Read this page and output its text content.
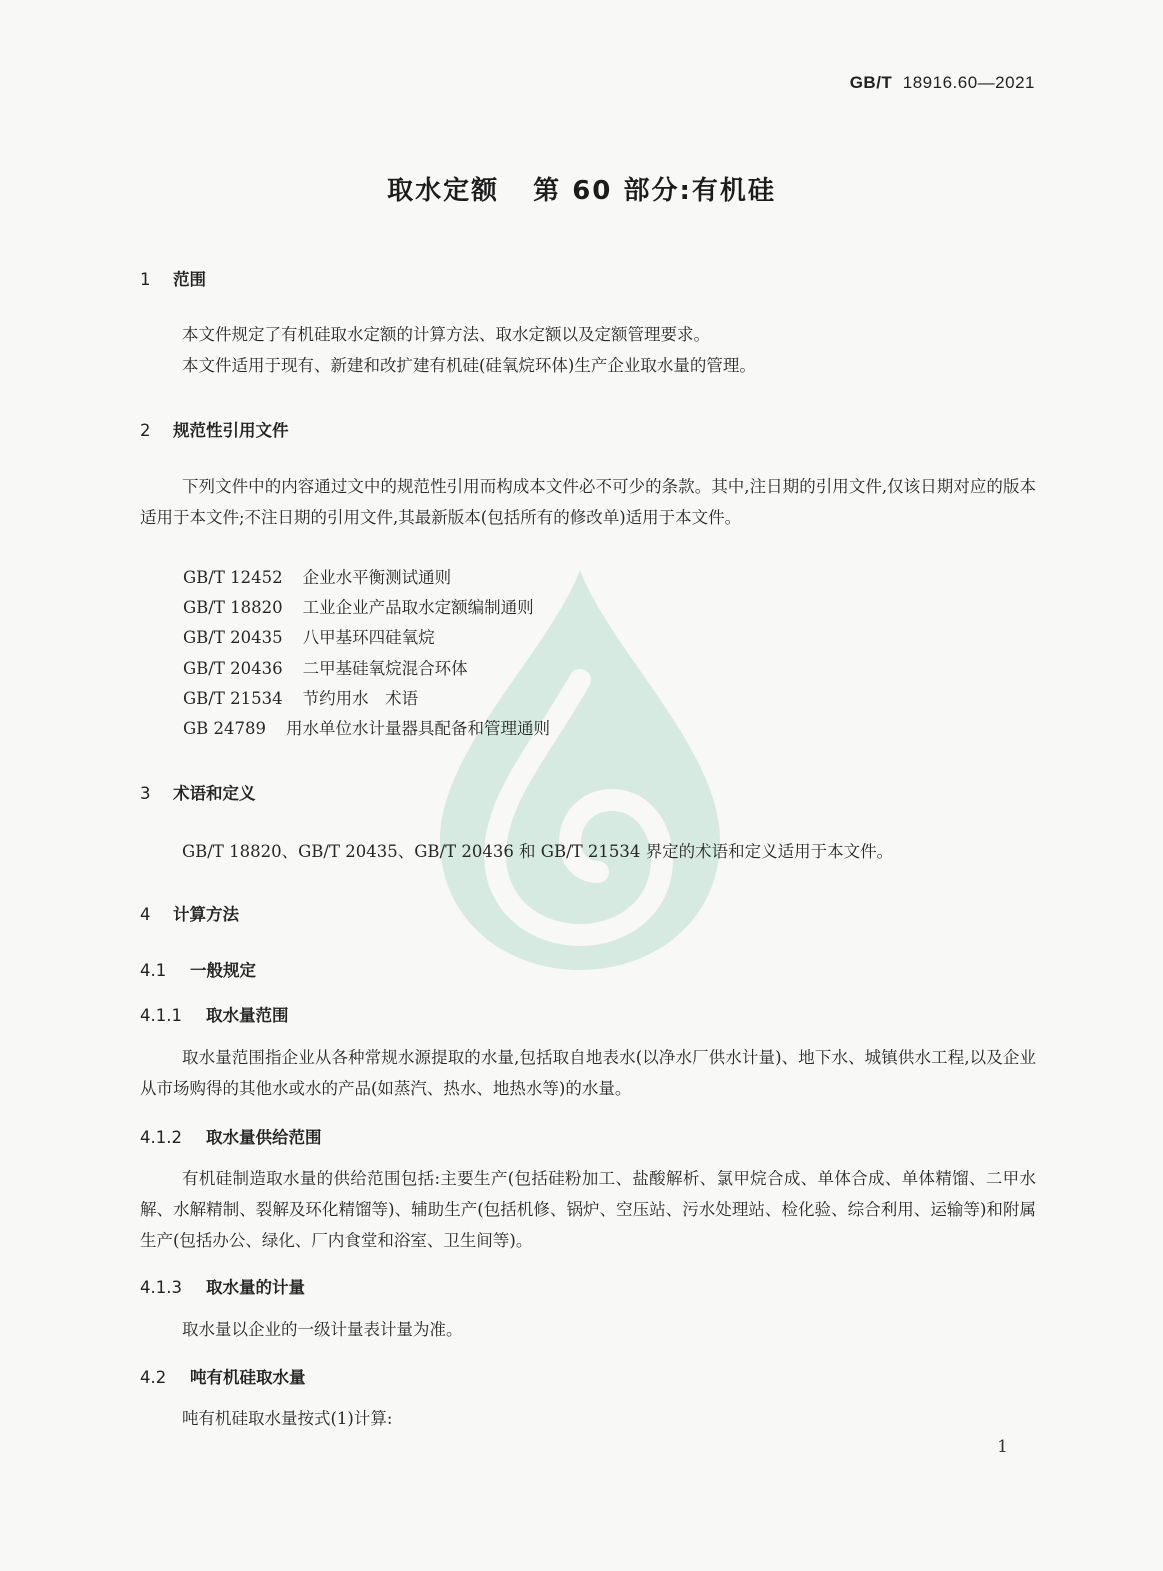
GB/T 18916.60—2021
取水定额 第 60 部分:有机硅
1 范围

本文件规定了有机硅取水定额的计算方法、取水定额以及定额管理要求。

本文件适用于现有、新建和改扩建有机硅(硅氧烷环体)生产企业取水量的管理。

2 规范性引用文件

下列文件中的内容通过文中的规范性引用而构成本文件必不可少的条款。其中,注日期的引用文件,仅该日期对应的版本适用于本文件;不注日期的引用文件,其最新版本(包括所有的修改单)适用于本文件。

GB/T 12452 企业水平衡测试通则
GB/T 18820 工业企业产品取水定额编制通则
GB/T 20435 八甲基环四硅氧烷
GB/T 20436 二甲基硅氧烷混合环体
GB/T 21534 节约用水　术语
GB 24789 用水单位水计量器具配备和管理通则
3 术语和定义

GB/T 18820、GB/T 20435、GB/T 20436 和 GB/T 21534 界定的术语和定义适用于本文件。

4 计算方法
4.1 一般规定
4.1.1 取水量范围

取水量范围指企业从各种常规水源提取的水量,包括取自地表水(以净水厂供水计量)、地下水、城镇供水工程,以及企业从市场购得的其他水或水的产品(如蒸汽、热水、地热水等)的水量。

4.1.2 取水量供给范围

有机硅制造取水量的供给范围包括:主要生产(包括硅粉加工、盐酸解析、氯甲烷合成、单体合成、单体精馏、二甲水解、水解精制、裂解及环化精馏等)、辅助生产(包括机修、锅炉、空压站、污水处理站、检化验、综合利用、运输等)和附属生产(包括办公、绿化、厂内食堂和浴室、卫生间等)。

4.1.3 取水量的计量

取水量以企业的一级计量表计量为准。

4.2 吨有机硅取水量

吨有机硅取水量按式(1)计算:

1
